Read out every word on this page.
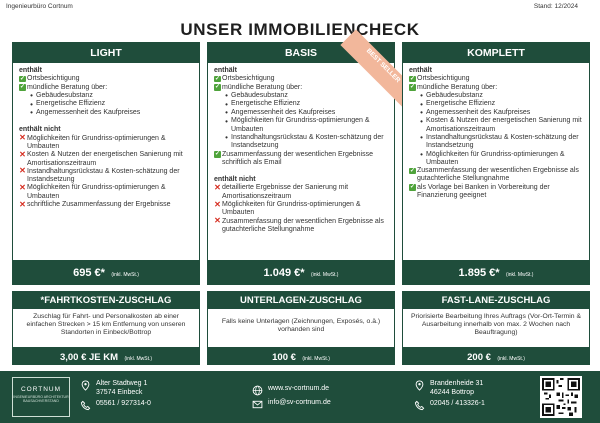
Ingenieurbüro Cortnum	Stand: 12/2024
UNSER IMMOBILIENCHECK
LIGHT
enthält
✓ Ortsbesichtigung
✓ mündliche Beratung über:
• Gebäudesubstanz
• Energetische Effizienz
• Angemessenheit des Kaufpreises
enthält nicht
✕ Möglichkeiten für Grundriss-optimierungen & Umbauten
✕ Kosten & Nutzen der energetischen Sanierung mit Amortisationszeitraum
✕ Instandhaltungsrückstau & Kosten-schätzung der Instandsetzung
✕ Möglichkeiten für Grundriss-optimierungen & Umbauten
✕ schriftliche Zusammenfassung der Ergebnisse
695 €* (inkl. MwSt.)
BASIS
enthält
✓ Ortsbesichtigung
✓ mündliche Beratung über:
• Gebäudesubstanz
• Energetische Effizienz
• Angemessenheit des Kaufpreises
• Möglichkeiten für Grundriss-optimierungen & Umbauten
• Instandhaltungsrückstau & Kosten-schätzung der Instandsetzung
✓ Zusammenfassung der wesentlichen Ergebnisse schriftlich als Email
enthält nicht
✕ detaillierte Ergebnisse der Sanierung mit Amortisationszeitraum
✕ Möglichkeiten für Grundriss-optimierungen & Umbauten
✕ Zusammenfassung der wesentlichen Ergebnisse als gutachterliche Stellungnahme
1.049 €* (inkl. MwSt.)
BEST SELLER	KOMPLETT
enthält
✓ Ortsbesichtigung
✓ mündliche Beratung über:
• Gebäudesubstanz
• Energetische Effizienz
• Angemessenheit des Kaufpreises
• Kosten & Nutzen der energetischen Sanierung mit Amortisationszeitraum
• Instandhaltungsrückstau & Kosten-schätzung der Instandsetzung
• Möglichkeiten für Grundriss-optimierungen & Umbauten
✓ Zusammenfassung der wesentlichen Ergebnisse als gutachterliche Stellungnahme
✓ als Vorlage bei Banken in Vorbereitung der Finanzierung geeignet
1.895 €* (inkl. MwSt.)
*FAHRTKOSTEN-ZUSCHLAG
Zuschlag für Fahrt- und Personalkosten ab einer einfachen Strecken > 15 km Entfernung von unseren Standorten in Einbeck/Bottrop
3,00 € JE KM (inkl. MwSt.)
UNTERLAGEN-ZUSCHLAG
Falls keine Unterlagen (Zeichnungen, Exposés, o.ä.) vorhanden sind
100 € (inkl. MwSt.)
FAST-LANE-ZUSCHLAG
Priorisierte Bearbeitung Ihres Auftrags (Vor-Ort-Termin & Ausarbeitung innerhalb von max. 2 Wochen nach Beauftragung)
200 € (inkl. MwSt.)
CORTNUM
INGENIEURBÜRO ARCHITEKTUR BAUSACHVERSTAND
Alter Stadtweg 1
37574 Einbeck
05561 / 927314-0
www.sv-cortnum.de
info@sv-cortnum.de
Brandenheide 31
46244 Bottrop
02045 / 413326-1
